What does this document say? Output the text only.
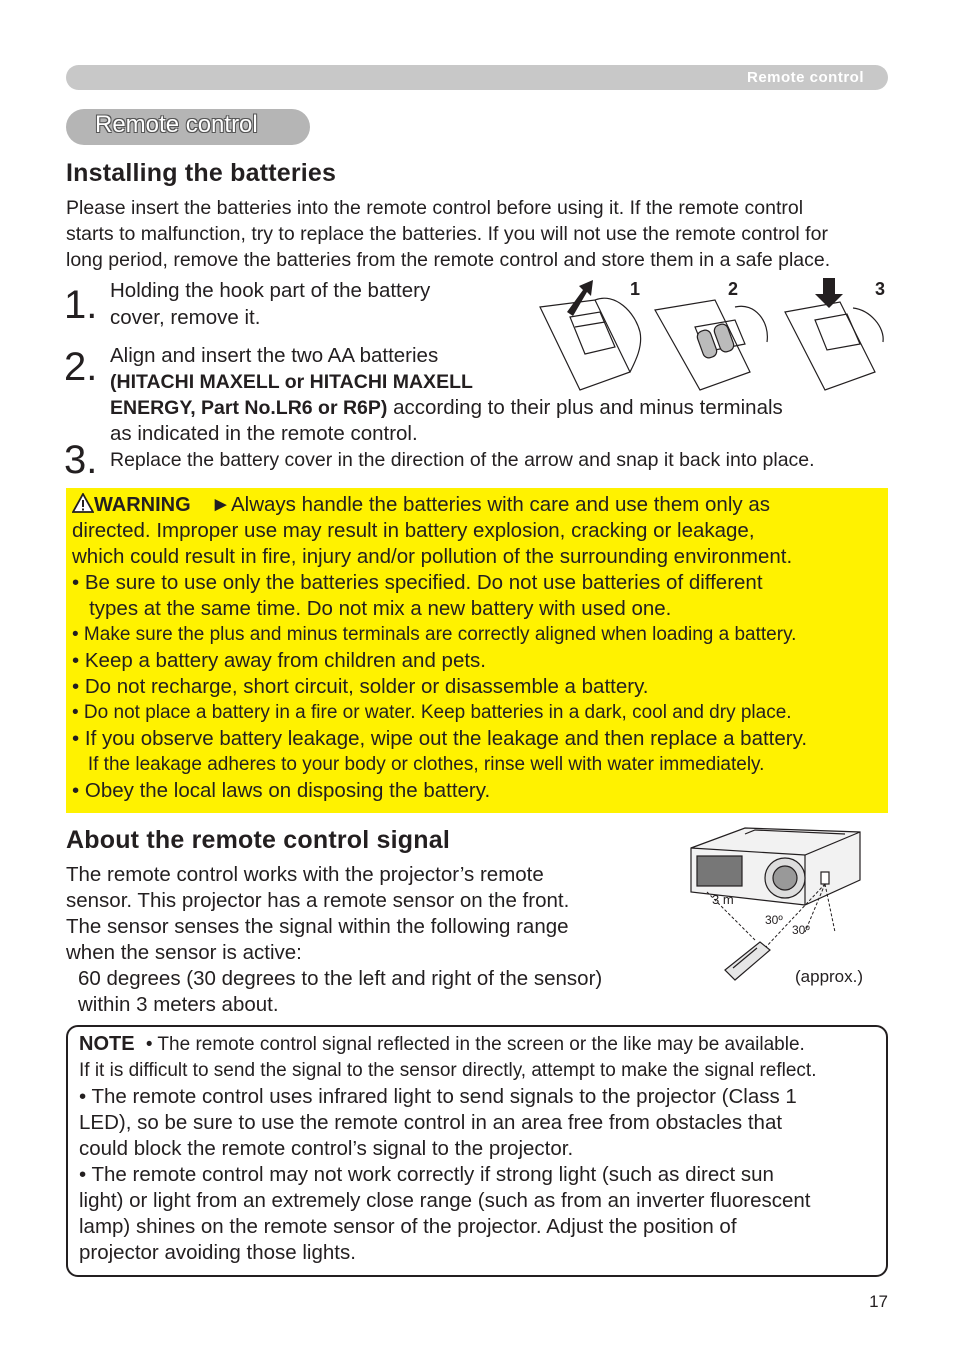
Remote control
Remote control
Installing the batteries
Please insert the batteries into the remote control before using it. If the remote control
starts to malfunction, try to replace the batteries. If you will not use the remote control for
long period, remove the batteries from the remote control and store them in a safe place.
1. Holding the hook part of the battery
cover, remove it.
2. Align and insert the two AA batteries
(HITACHI MAXELL or HITACHI MAXELL
ENERGY, Part No.LR6 or R6P) according to their plus and minus terminals
as indicated in the remote control.
3. Replace the battery cover in the direction of the arrow and snap it back into place.
1	2	3
WARNING ►Always handle the batteries with care and use them only as
directed. Improper use may result in battery explosion, cracking or leakage,
which could result in fire, injury and/or pollution of the surrounding environment.
• Be sure to use only the batteries specified. Do not use batteries of different
types at the same time. Do not mix a new battery with used one.
• Make sure the plus and minus terminals are correctly aligned when loading a battery.
• Keep a battery away from children and pets.
• Do not recharge, short circuit, solder or disassemble a battery.
• Do not place a battery in a fire or water. Keep batteries in a dark, cool and dry place.
• If you observe battery leakage, wipe out the leakage and then replace a battery.
If the leakage adheres to your body or clothes, rinse well with water immediately.
• Obey the local laws on disposing the battery.
About the remote control signal
The remote control works with the projector’s remote
sensor. This projector has a remote sensor on the front.
The sensor senses the signal within the following range
when the sensor is active:
60 degrees (30 degrees to the left and right of the sensor)
within 3 meters about.
3 m
30º
30º
(approx.)
NOTE • The remote control signal reflected in the screen or the like may be available.
If it is difficult to send the signal to the sensor directly, attempt to make the signal reflect.
• The remote control uses infrared light to send signals to the projector (Class 1
LED), so be sure to use the remote control in an area free from obstacles that
could block the remote control’s signal to the projector.
• The remote control may not work correctly if strong light (such as direct sun
light) or light from an extremely close range (such as from an inverter fluorescent
lamp) shines on the remote sensor of the projector. Adjust the position of
projector avoiding those lights.
17
